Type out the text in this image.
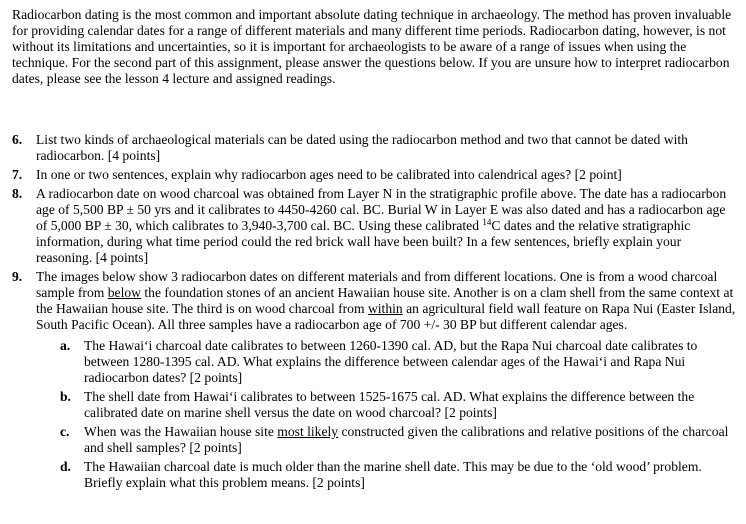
Radiocarbon dating is the most common and important absolute dating technique in archaeology. The method has proven invaluable for providing calendar dates for a range of different materials and many different time periods. Radiocarbon dating, however, is not without its limitations and uncertainties, so it is important for archaeologists to be aware of a range of issues when using the technique. For the second part of this assignment, please answer the questions below. If you are unsure how to interpret radiocarbon dates, please see the lesson 4 lecture and assigned readings.

6.	List two kinds of archaeological materials can be dated using the radiocarbon method and two that cannot be dated with radiocarbon. [4 points]
7.	In one or two sentences, explain why radiocarbon ages need to be calibrated into calendrical ages? [2 point]
8.	A radiocarbon date on wood charcoal was obtained from Layer N in the stratigraphic profile above. The date has a radiocarbon age of 5,500 BP ± 50 yrs and it calibrates to 4450-4260 cal. BC. Burial W in Layer E was also dated and has a radiocarbon age of 5,000 BP ± 30, which calibrates to 3,940-3,700 cal. BC. Using these calibrated $^{14}$C dates and the relative stratigraphic information, during what time period could the red brick wall have been built? In a few sentences, briefly explain your reasoning. [4 points]
9.	The images below show 3 radiocarbon dates on different materials and from different locations. One is from a wood charcoal sample from below the foundation stones of an ancient Hawaiian house site. Another is on a clam shell from the same context at the Hawaiian house site. The third is on wood charcoal from within an agricultural field wall feature on Rapa Nui (Easter Island, South Pacific Ocean). All three samples have a radiocarbon age of 700 +/- 30 BP but different calendar ages.
a.	The Hawai‘i charcoal date calibrates to between 1260-1390 cal. AD, but the Rapa Nui charcoal date calibrates to between 1280-1395 cal. AD. What explains the difference between calendar ages of the Hawai‘i and Rapa Nui radiocarbon dates? [2 points]
b. The shell date from Hawai‘i calibrates to between 1525-1675 cal. AD. What explains the difference between the calibrated date on marine shell versus the date on wood charcoal? [2 points]
c.	When was the Hawaiian house site most likely constructed given the calibrations and relative positions of the charcoal and shell samples? [2 points]
d. The Hawaiian charcoal date is much older than the marine shell date. This may be due to the ‘old wood’ problem. Briefly explain what this problem means. [2 points]
